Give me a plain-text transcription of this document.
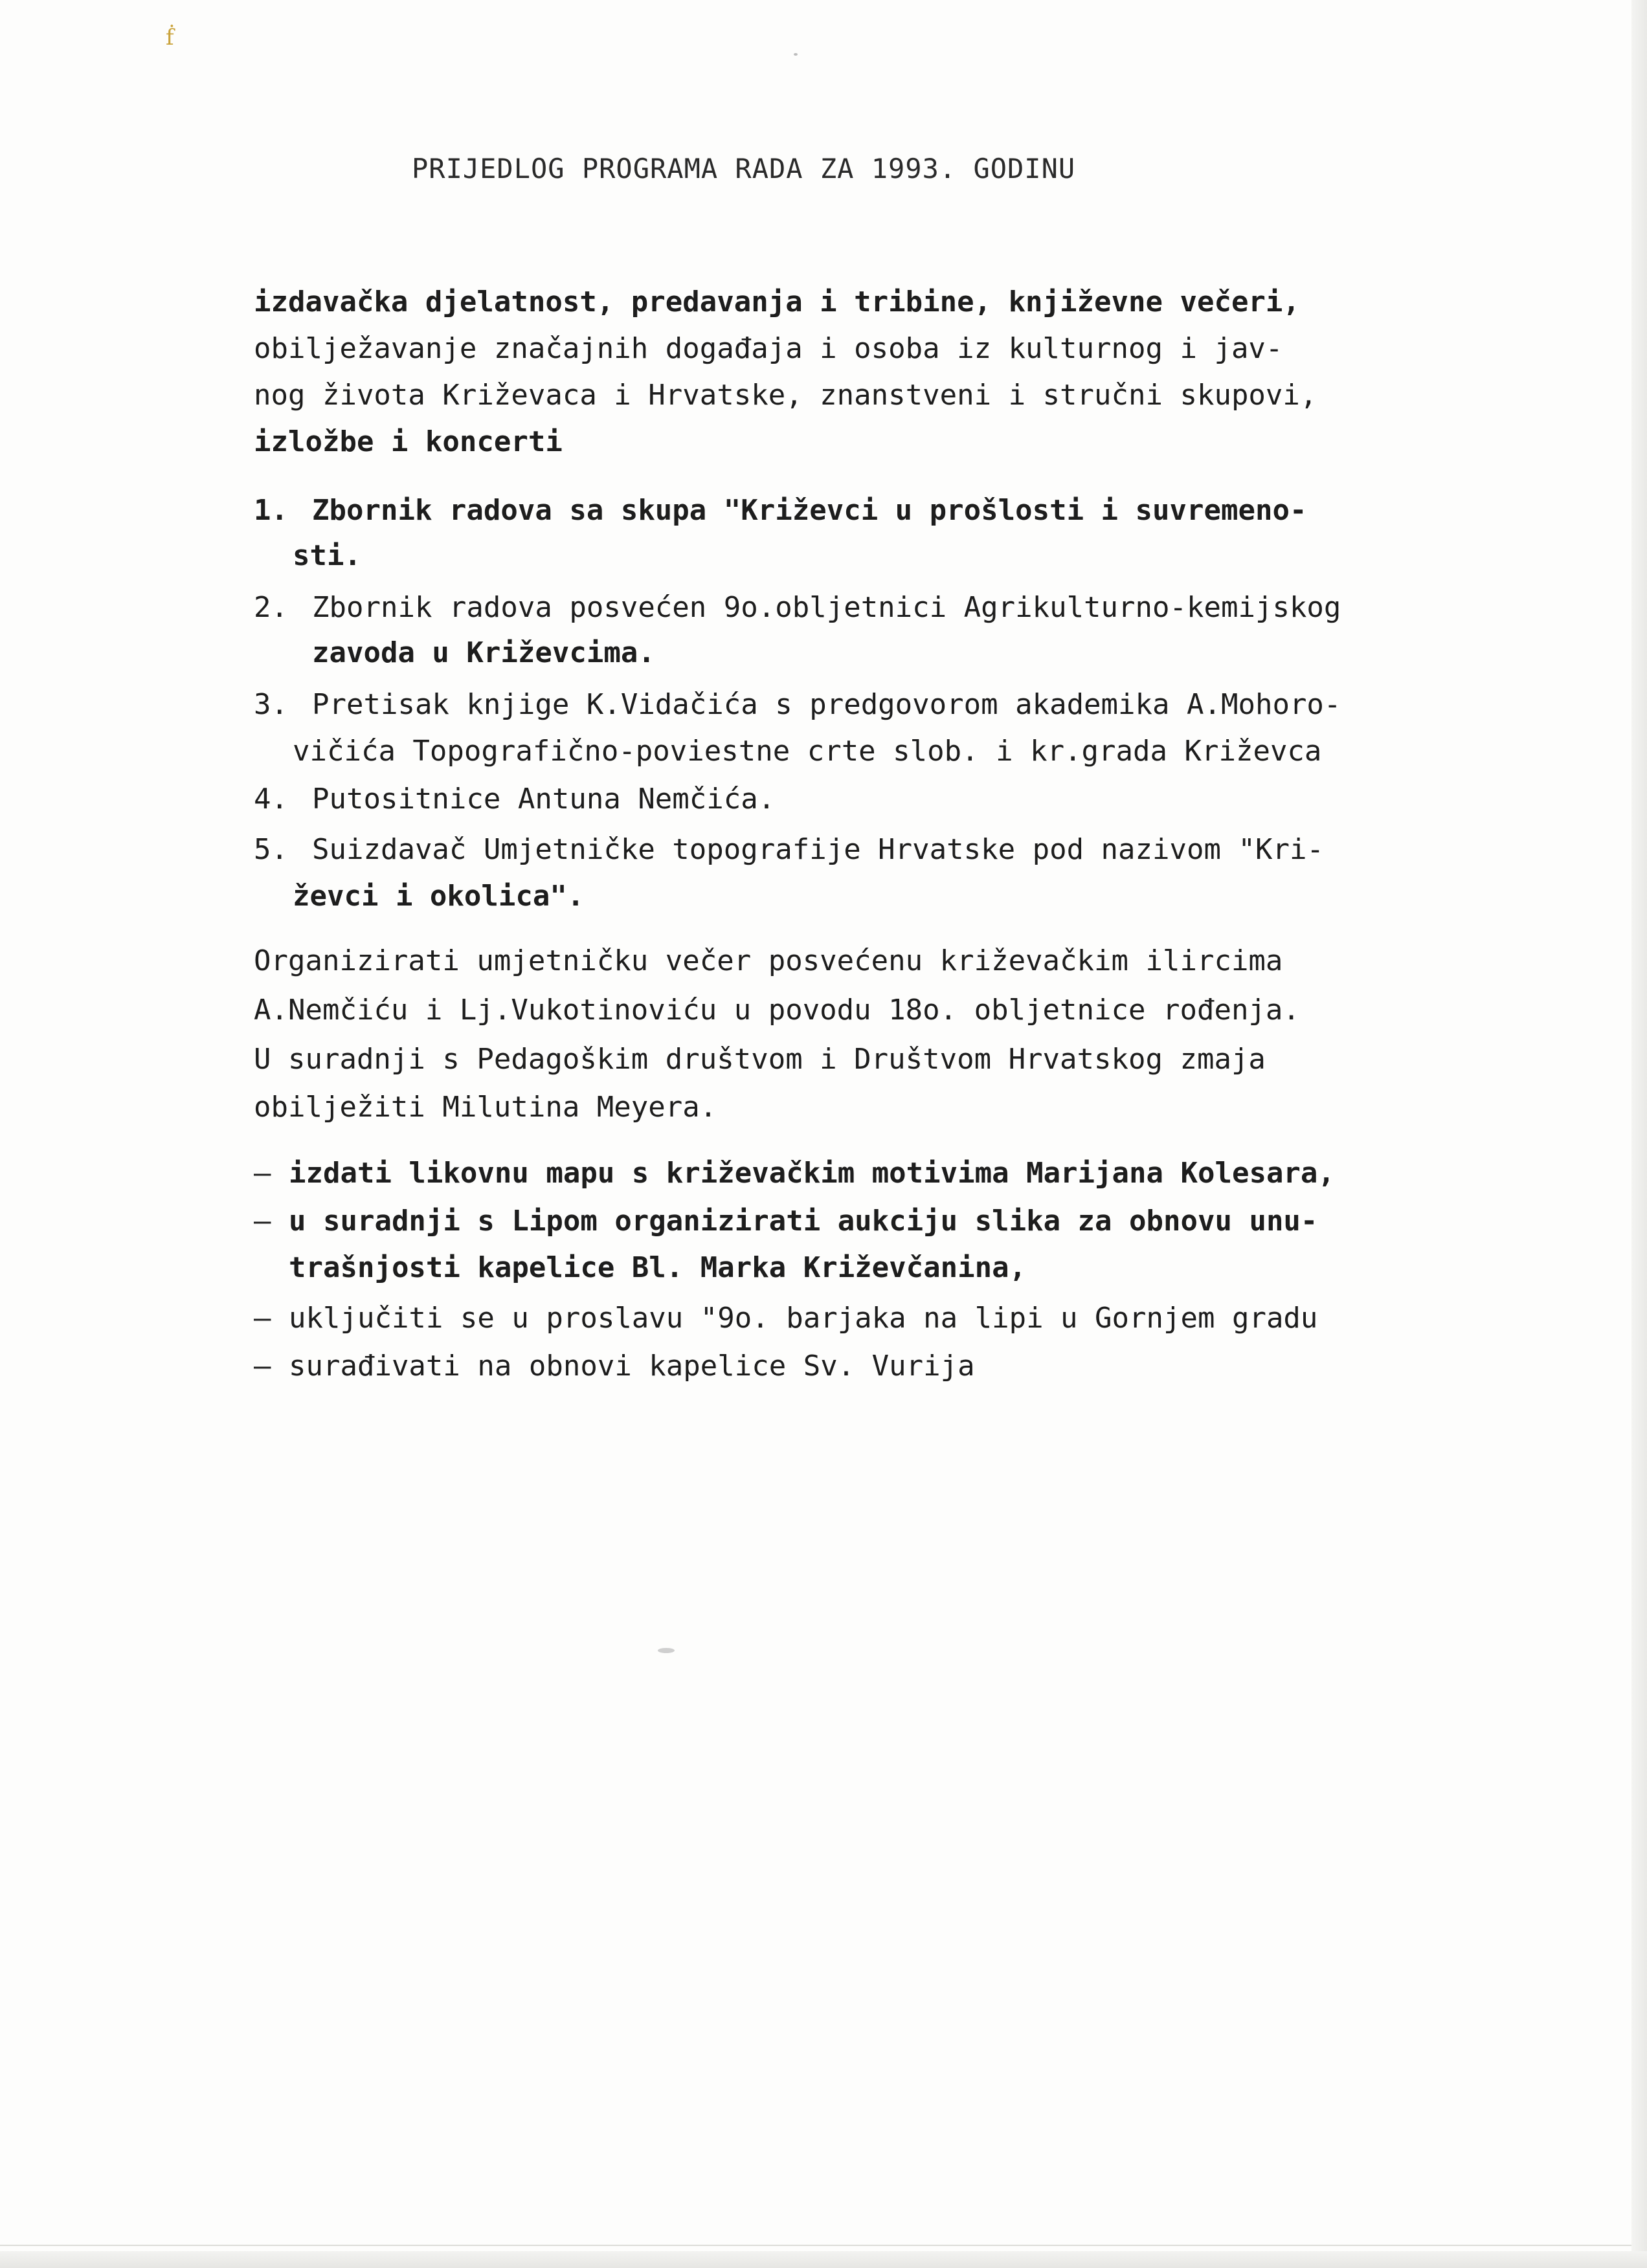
ḟ
PRIJEDLOG PROGRAMA RADA ZA 1993. GODINU
izdavačka djelatnost, predavanja i tribine, književne večeri,
obilježavanje značajnih događaja i osoba iz kulturnog i jav-
nog života Križevaca i Hrvatske, znanstveni i stručni skupovi,
izložbe i koncerti
1. Zbornik radova sa skupa "Križevci u prošlosti i suvremeno-
sti.
2. Zbornik radova posvećen 9o.obljetnici Agrikulturno-kemijskog
zavoda u Križevcima.
3. Pretisak knjige K.Vidačića s predgovorom akademika A.Mohoro-
vičića Topografično-poviestne crte slob. i kr.grada Križevca
4. Putositnice Antuna Nemčića.
5. Suizdavač Umjetničke topografije Hrvatske pod nazivom "Kri-
ževci i okolica".
Organizirati umjetničku večer posvećenu križevačkim ilircima
A.Nemčiću i Lj.Vukotinoviću u povodu 18o. obljetnice rođenja.
U suradnji s Pedagoškim društvom i Društvom Hrvatskog zmaja
obilježiti Milutina Meyera.
– izdati likovnu mapu s križevačkim motivima Marijana Kolesara,
– u suradnji s Lipom organizirati aukciju slika za obnovu unu-
trašnjosti kapelice Bl. Marka Križevčanina,
– uključiti se u proslavu "9o. barjaka na lipi u Gornjem gradu
– surađivati na obnovi kapelice Sv. Vurija
